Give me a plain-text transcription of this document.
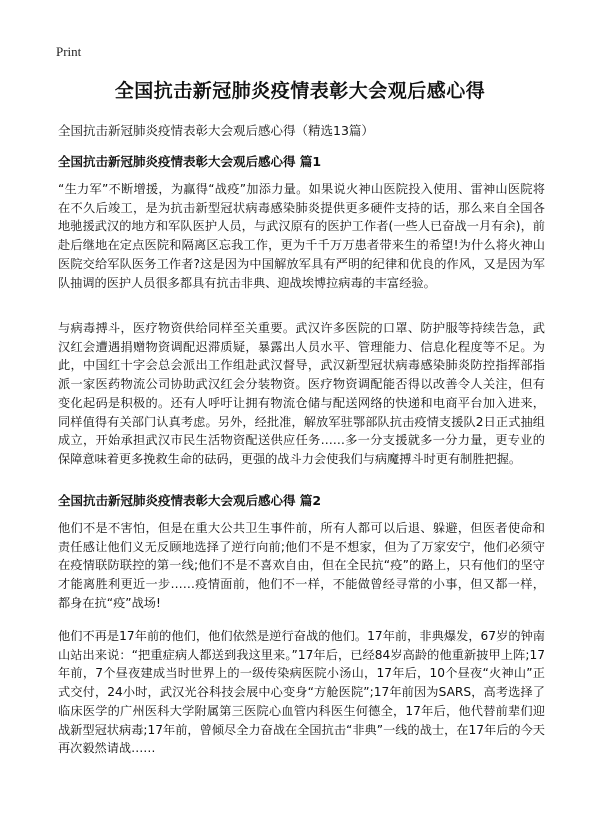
Print
全国抗击新冠肺炎疫情表彰大会观后感心得

全国抗击新冠肺炎疫情表彰大会观后感心得（精选13篇）

全国抗击新冠肺炎疫情表彰大会观后感心得 篇1

“生力军”不断增援，为赢得“战疫”加添力量。如果说火神山医院投入使用、雷神山医院将在不久后竣工，是为抗击新型冠状病毒感染肺炎提供更多硬件支持的话，那么来自全国各地驰援武汉的地方和军队医护人员，与武汉原有的医护工作者(一些人已奋战一月有余)，前赴后继地在定点医院和隔离区忘我工作，更为千千万万患者带来生的希望!为什么将火神山医院交给军队医务工作者?这是因为中国解放军具有严明的纪律和优良的作风，又是因为军队抽调的医护人员很多都具有抗击非典、迎战埃博拉病毒的丰富经验。

与病毒搏斗，医疗物资供给同样至关重要。武汉许多医院的口罩、防护服等持续告急，武汉红会遭遇捐赠物资调配迟滞质疑，暴露出人员水平、管理能力、信息化程度等不足。为此，中国红十字会总会派出工作组赴武汉督导，武汉新型冠状病毒感染肺炎防控指挥部指派一家医药物流公司协助武汉红会分装物资。医疗物资调配能否得以改善令人关注，但有变化起码是积极的。还有人呼吁让拥有物流仓储与配送网络的快递和电商平台加入进来，同样值得有关部门认真考虑。另外，经批准，解放军驻鄂部队抗击疫情支援队2日正式抽组成立，开始承担武汉市民生活物资配送供应任务……多一分支援就多一分力量，更专业的保障意味着更多挽救生命的砝码，更强的战斗力会使我们与病魔搏斗时更有制胜把握。

全国抗击新冠肺炎疫情表彰大会观后感心得 篇2

他们不是不害怕，但是在重大公共卫生事件前，所有人都可以后退、躲避，但医者使命和责任感让他们义无反顾地选择了逆行向前;他们不是不想家，但为了万家安宁，他们必须守在疫情联防联控的第一线;他们不是不喜欢自由，但在全民抗“疫”的路上，只有他们的坚守才能离胜利更近一步……疫情面前，他们不一样，不能做曾经寻常的小事，但又都一样，都身在抗“疫”战场!

他们不再是17年前的他们，他们依然是逆行奋战的他们。17年前，非典爆发，67岁的钟南山站出来说：“把重症病人都送到我这里来。”17年后，已经84岁高龄的他重新披甲上阵;17年前，7个昼夜建成当时世界上的一级传染病医院小汤山，17年后，10个昼夜“火神山”正式交付，24小时，武汉光谷科技会展中心变身“方舱医院”;17年前因为SARS，高考选择了临床医学的广州医科大学附属第三医院心血管内科医生何德全，17年后，他代替前辈们迎战新型冠状病毒;17年前，曾倾尽全力奋战在全国抗击“非典”一线的战士，在17年后的今天再次毅然请战……
